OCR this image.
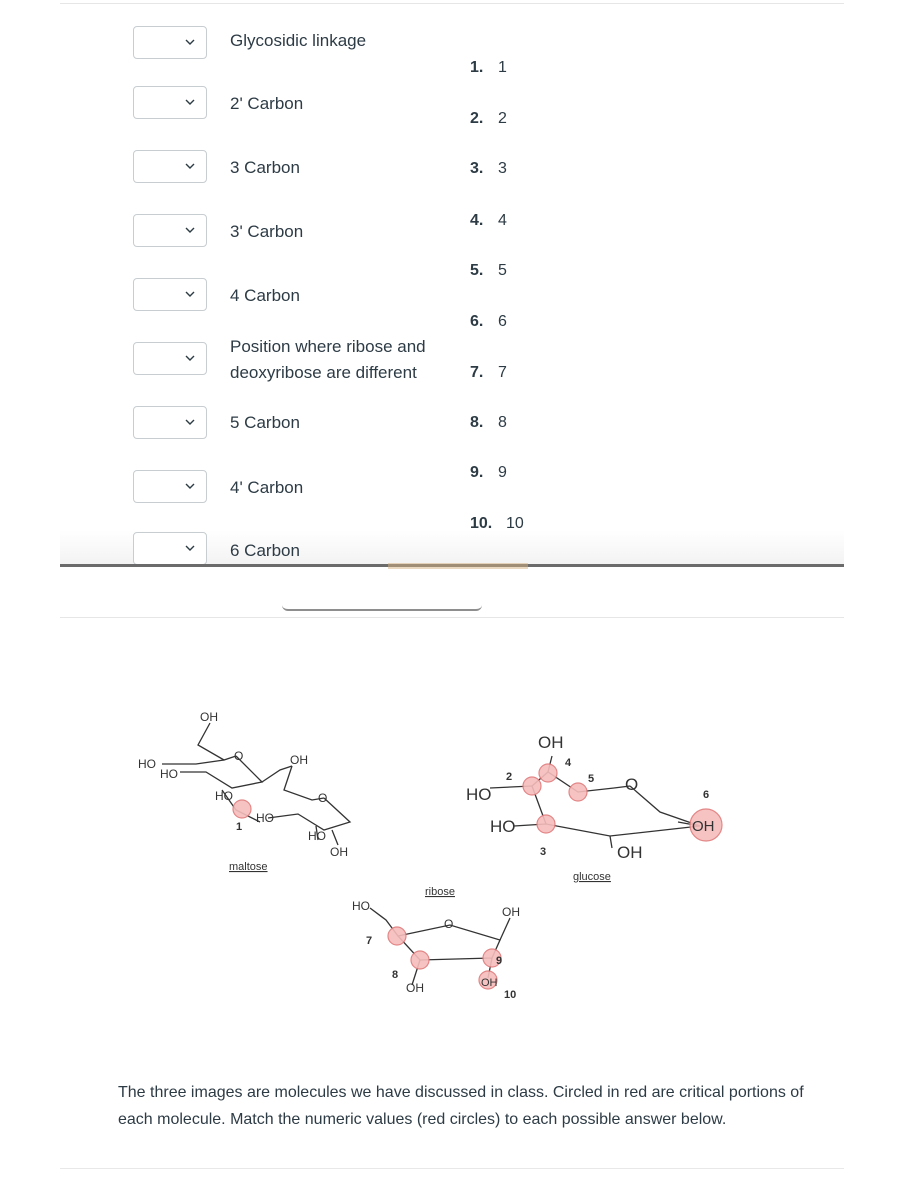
Glycosidic linkage
2' Carbon
3 Carbon
3' Carbon
4 Carbon
Position where ribose and
deoxyribose are different
5 Carbon
4' Carbon
6 Carbon
1. 1
2. 2
3. 3
4. 4
5. 5
6. 6
7. 7
8. 8
9. 9
10. 10
OH
HO
HO
HO
O	OH
HO
HO
OH
O
1
maltose
ribose
HO
O
OH
OH	OH
7
8
9
10
OH
HO
HO
O
OH
OH
2
3
4
5
6
glucose
The three images are molecules we have discussed in class. Circled in red are critical portions of each molecule. Match the numeric values (red circles) to each possible answer below.
